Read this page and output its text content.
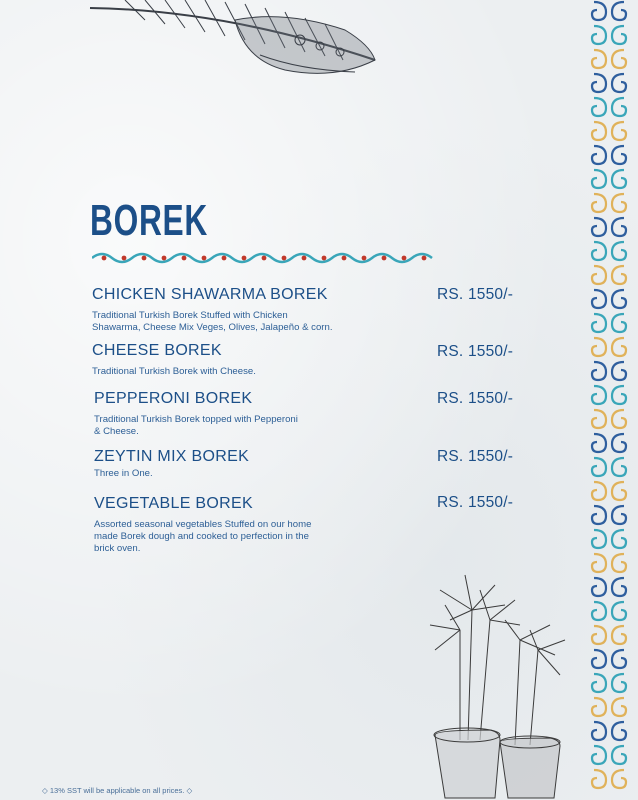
BOREK
CHICKEN SHAWARMA BOREK
Traditional Turkish Borek Stuffed with Chicken
Shawarma, Cheese Mix Veges, Olives, Jalapeño & corn.
RS. 1550/-
CHEESE BOREK
Traditional Turkish Borek with Cheese.
RS. 1550/-
PEPPERONI BOREK
Traditional Turkish Borek topped with Pepperoni
& Cheese.
RS. 1550/-
ZEYTIN MIX BOREK
Three in One.
RS. 1550/-
VEGETABLE BOREK
Assorted seasonal vegetables Stuffed on our home
made Borek dough and cooked to perfection in the
brick oven.
RS. 1550/-
◇ 13% SST will be applicable on all prices. ◇
